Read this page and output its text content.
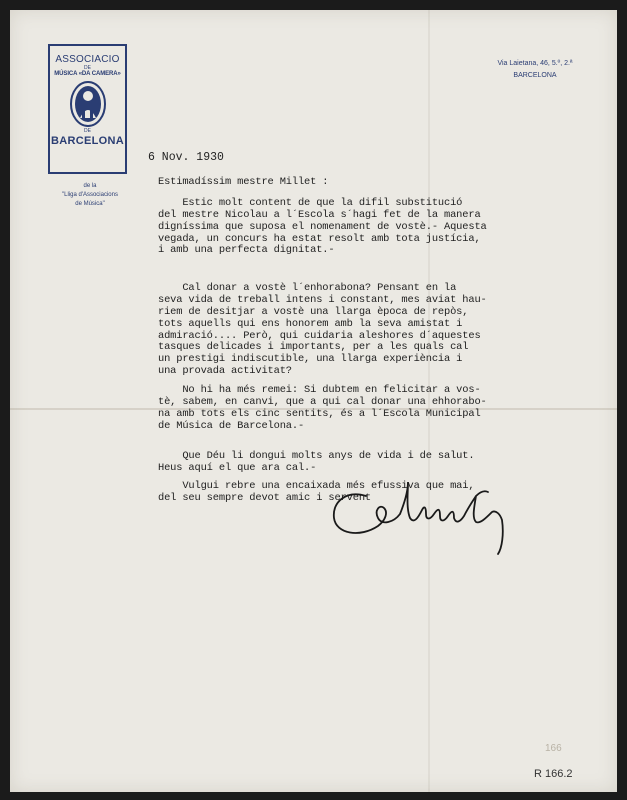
ASSOCIACIO
DE
MÚSICA «DA CAMERA»
DE
BARCELONA
de la
"Lliga d'Associacions
de Música"
Via Laietana, 46, 5.º, 2.ª
BARCELONA
6 Nov. 1930
Estimadíssim mestre Millet :
Estic molt content de que la difil substitució
del mestre Nicolau a l´Escola s´hagi fet de la manera
digníssima que suposa el nomenament de vostè.- Aquesta
vegada, un concurs ha estat resolt amb tota justícia,
i amb una perfecta dignitat.-
Cal donar a vostè l´enhorabona? Pensant en la
seva vida de treball intens i constant, mes aviat hau-
riem de desitjar a vostè una llarga època de repòs,
tots aquells qui ens honorem amb la seva amistat i
admiració.... Però, qui cuidaria aleshores d´aquestes
tasques delicades i importants, per a les quals cal
un prestigi indiscutible, una llarga experiència i
una provada activitat?
No hi ha més remei: Si dubtem en felicitar a vos-
tè, sabem, en canvi, que a qui cal donar una ehhorabo-
na amb tots els cinc sentits, és a l´Escola Municipal
de Música de Barcelona.-
Que Déu li dongui molts anys de vida i de salut.
Heus aquí el que ara cal.-
Vulgui rebre una encaixada més efussiva que mai,
del seu sempre devot amic i servent
166
R 166.2
